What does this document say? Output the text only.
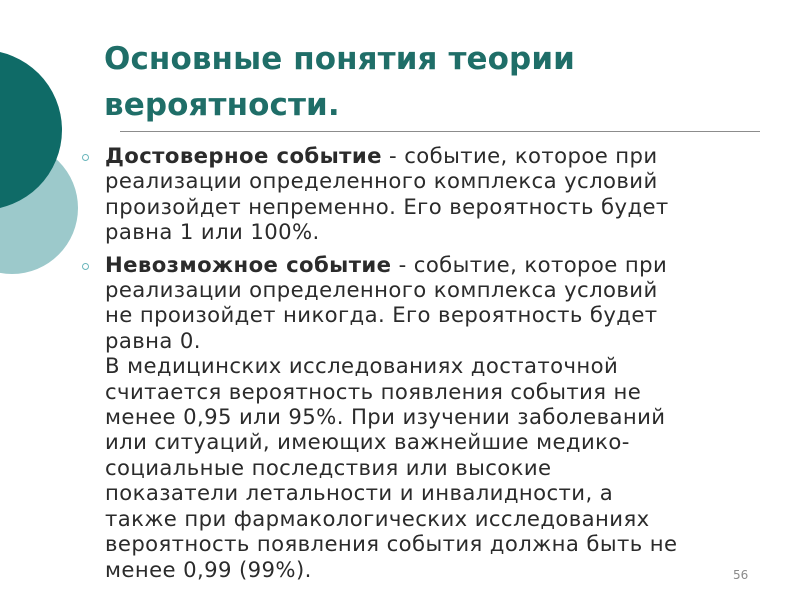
Основные понятия теории
вероятности.
Достоверное событие - событие, которое при
реализации определенного комплекса условий
произойдет непременно. Его вероятность будет
равна 1 или 100%.
Невозможное событие - событие, которое при
реализации определенного комплекса условий
не произойдет никогда. Его вероятность будет
равна 0.
В медицинских исследованиях достаточной
считается вероятность появления события не
менее 0,95 или 95%. При изучении заболеваний
или ситуаций, имеющих важнейшие медико-
социальные последствия или высокие
показатели летальности и инвалидности, а
также при фармакологических исследованиях
вероятность появления события должна быть не
менее 0,99 (99%).	56
